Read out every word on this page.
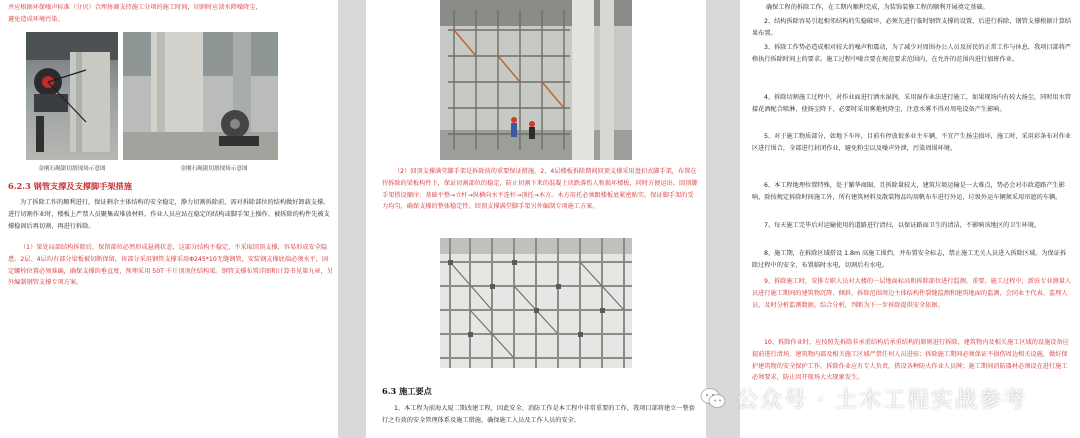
并应根据环保噪声标准（分贝）合理协调支持施工分项的施工时间，切割时应淡水降噪降尘，
避免造成环境污染。
金刚石绳锯切割现场示意图	金刚石绳锯切割现场示意图
6.2.3 钢管支撑及支撑脚手架措施
为了拆除工作的顺利进行，保证剩余主体结构的安全稳定，静力切割拆除前，需对拆除部位的结构做好卸载支撑。进行切割作业时，楼板上严禁人员聚集或堆放材料，作业人员应站在稳定的结构或脚手架上操作。被拆除的构件先被支撑稳固后再切割，再进行拆除。
（1）梁处局部结构拆除后，保留部位必然形成悬挑状态，这部分结构不稳定，不采取回顶支撑，容易形成安全隐患。2层、4层均有部分梁板被切断保留，该部分采用钢管支撑采用Φ245*10无缝钢管，安装钢支撑底端必须水平，固定螺栓位置必须准确，确保支撑的垂直度，预埋采用 50T 千斤顶顶住结构梁。钢管支撑布置详图和计算书见第九章，另外编制钢管支撑专项方案。
（2）回顶支撑满堂脚手架是拆除前的重要保证措施，2、4层楼板拆除期间回顶支撑采用盘扣式脚手架，布置在待拆除的梁板构件下，保证切割部位的稳定，防止切割下来的混凝土块跌落伤人和损坏楼板，同时方便运出。回顶脚手架搭设顺序：基础平整→立杆→纵横向水平连杆→顶托→木方。木方用托必须跟楼板底紧密贴实，保证脚手架的受力均匀，确保支撑的整体稳定性。回顶支撑满堂脚手架另外编制专项施工方案。
6.3 施工要点
1、本工程为前海大厦二期改建工程，因此安全、消防工作是本工程中非常重要的工作，我项目部将建立一整套行之有效的安全管理体系及施工措施，确保施工人员及工作人员的安全。
确保工程的拆除工作，在工期内顺利完成，为装饰装修工程的顺利开展奠定基础。
2、结构拆除容易引起相邻结构的失稳破坏，必须先进行临时钢管支撑的设置，后进行拆除，钢管支撑根据计算结果布置。
3、拆除工作势必造成相对较大的噪声和震动，为了减少对周围办公人员及居民的正常工作与休息，我项目部将严格执行拆除时间上的要求。施工过程中噪音要在规范要求范围内，在允许的范围内进行加班作业。
4、拆除切割施工过程中，对作业面进行洒水湿润，采用湿作业法进行施工，如果现场内有较大扬尘，同时用水管接花洒配合喷淋，使扬尘降下，必要时采用雾炮机降尘，注意水雾不得对周电设备产生影响。
5、对于施工物质部分，如地下车库，目前有停放很多业主车辆，不宜产生扬尘损坏，施工时，采用彩条布对作业区进行围合，全部进行封闭作业，避免粉尘以及噪声外泄，污染周围环境。
6、本工程地理位置特殊，处于繁华商圈，且拆除量较大，建筑垃圾运输是一大难点，势必会对市政道路产生影响，除按规定拆除时间施工外，所有建筑材料及散装物品均用帆布车进行外运，垃圾外运车辆须采用帘遮的车辆。
7、每天施工完毕后对运输使用的道路进行清扫，以保证路面卫生的清洁，不影响该地区的卫生环境。
8、施工期，在拆除区域搭设 1.8m 高施工围挡，并布置安全标志，禁止施工无关人员进入拆除区域。为保证拆除过程中的安全，布置临时水电，切割后有水电。
9、拆除施工时，安排专职人员对大楼的一层地面标高和拆除部位进行监测，重要。施工过程中，派驻专业测量人员进行施工期间的建筑物沉降、倾斜，拆除范围周边主体结构件裂缝监测和建筑地面的监测，会同业主代表、监理人员，及时分析监测数据，综合分析，判断为下一步拆除提供安全依据。
10、拆除作业时，应按照先拆除非承重结构后承重结构的原则进行拆除，建筑物内及相关施工区域的设施设备应提前进行清场，建筑物内部及相关施工区域严禁任何人员进驻；拆除施工期间必须保证不损伤周边相关设施，做好保护建筑物的安全保护工作。拆除作业应有专人负责，搭设各种防火作业人员牌；施工期间消防器材必须设在进行施工必须要求，防止因开现场大火现象发生。
公众号 · 土木工程实战参考
